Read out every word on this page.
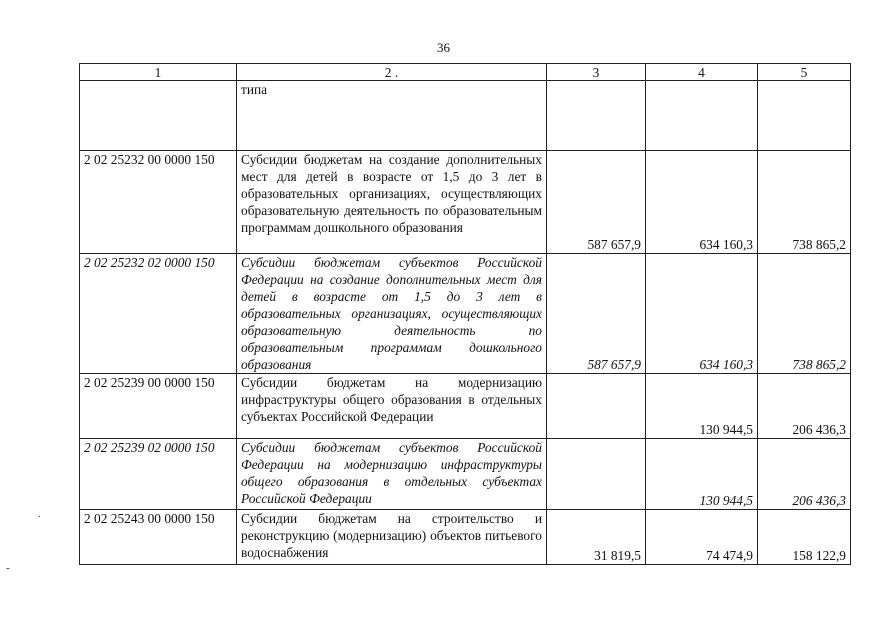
36
1	2 .	3	4	5
	типа			
2 02 25232 00 0000 150	Субсидии бюджетам на создание дополнительных мест для детей в возрасте от 1,5 до 3 лет в образовательных организациях, осуществляющих образовательную деятельность по образовательным программам дошкольного образования	587 657,9	634 160,3	738 865,2
2 02 25232 02 0000 150	Субсидии бюджетам субъектов Российской Федерации на создание дополнительных мест для детей в возрасте от 1,5 до 3 лет в образовательных организациях, осуществляющих образовательную деятельность по образовательным программам дошкольного образования	587 657,9	634 160,3	738 865,2
2 02 25239 00 0000 150	Субсидии бюджетам на модернизацию инфраструктуры общего образования в отдельных субъектах Российской Федерации		130 944,5	206 436,3
2 02 25239 02 0000 150	Субсидии бюджетам субъектов Российской Федерации на модернизацию инфраструктуры общего образования в отдельных субъектах Российской Федерации		130 944,5	206 436,3
2 02 25243 00 0000 150	Субсидии бюджетам на строительство и реконструкцию (модернизацию) объектов питьевого водоснабжения	31 819,5	74 474,9	158 122,9
.
-
